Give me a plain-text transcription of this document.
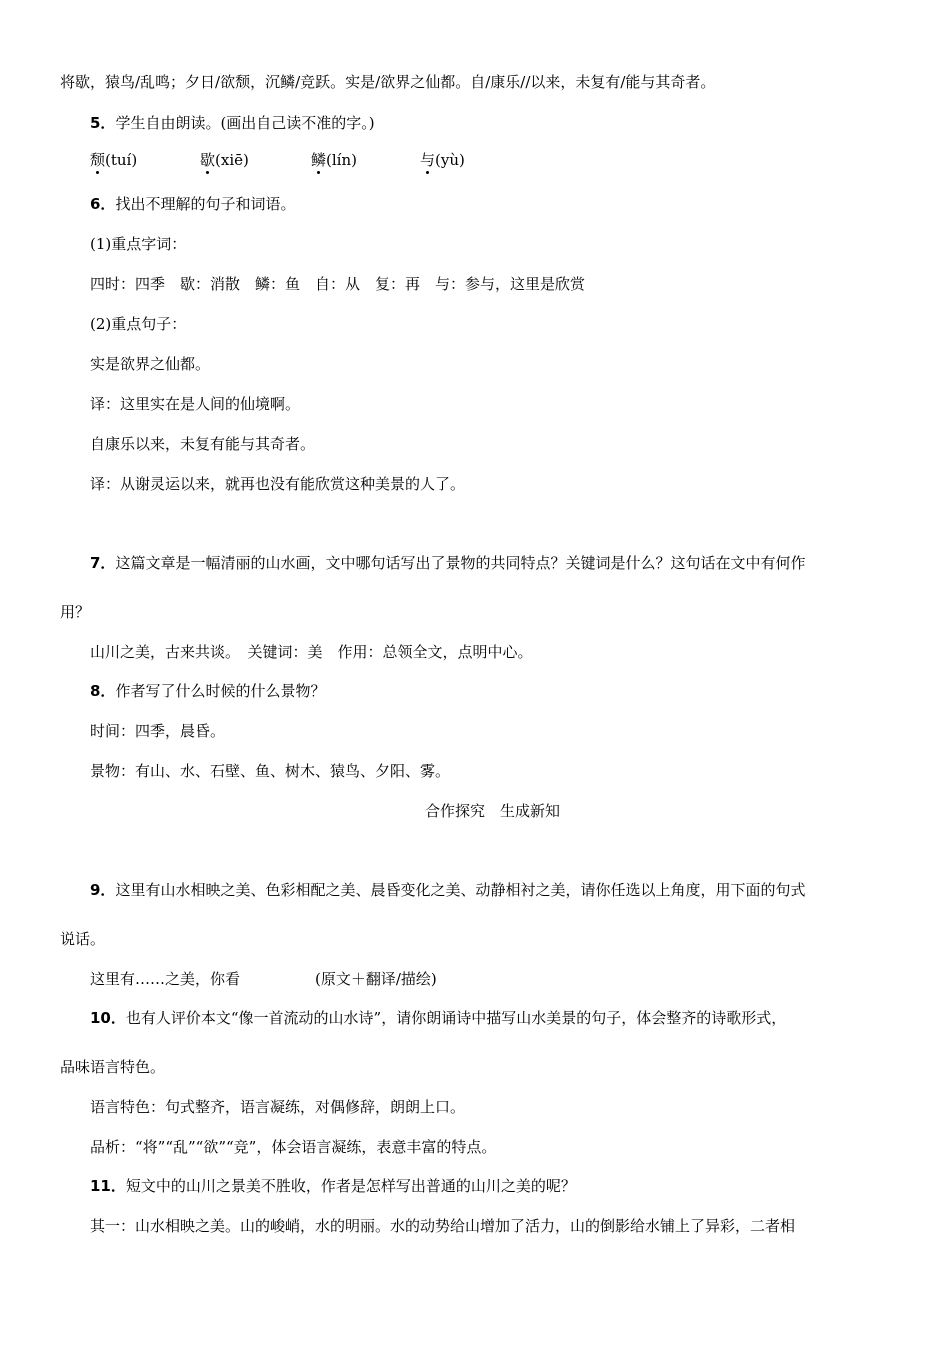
将歇，猿鸟/乱鸣；夕日/欲颓，沉鳞/竞跃。实是/欲界之仙都。自/康乐//以来，未复有/能与其奇者。
5．学生自由朗读。(画出自己读不准的字。)
颓(tuí)	歇(xiē)	鳞(lín)	与(yù)
6．找出不理解的句子和词语。
(1)重点字词：
四时：四季　歇：消散　鳞：鱼　自：从　复：再　与：参与，这里是欣赏
(2)重点句子：
实是欲界之仙都。
译：这里实在是人间的仙境啊。
自康乐以来，未复有能与其奇者。
译：从谢灵运以来，就再也没有能欣赏这种美景的人了。
7．这篇文章是一幅清丽的山水画，文中哪句话写出了景物的共同特点？关键词是什么？这句话在文中有何作
用？
山川之美，古来共谈。　关键词：美　作用：总领全文，点明中心。
8．作者写了什么时候的什么景物？
时间：四季，晨昏。
景物：有山、水、石壁、鱼、树木、猿鸟、夕阳、雾。
合作探究　生成新知
9．这里有山水相映之美、色彩相配之美、晨昏变化之美、动静相衬之美，请你任选以上角度，用下面的句式
说话。
这里有……之美，你看　　　　　(原文＋翻译/描绘)
10．也有人评价本文“像一首流动的山水诗”，请你朗诵诗中描写山水美景的句子，体会整齐的诗歌形式，
品味语言特色。
语言特色：句式整齐，语言凝练，对偶修辞，朗朗上口。
品析：“将”“乱”“欲”“竞”，体会语言凝练，表意丰富的特点。
11．短文中的山川之景美不胜收，作者是怎样写出普通的山川之美的呢？
其一：山水相映之美。山的峻峭，水的明丽。水的动势给山增加了活力，山的倒影给水铺上了异彩，二者相
